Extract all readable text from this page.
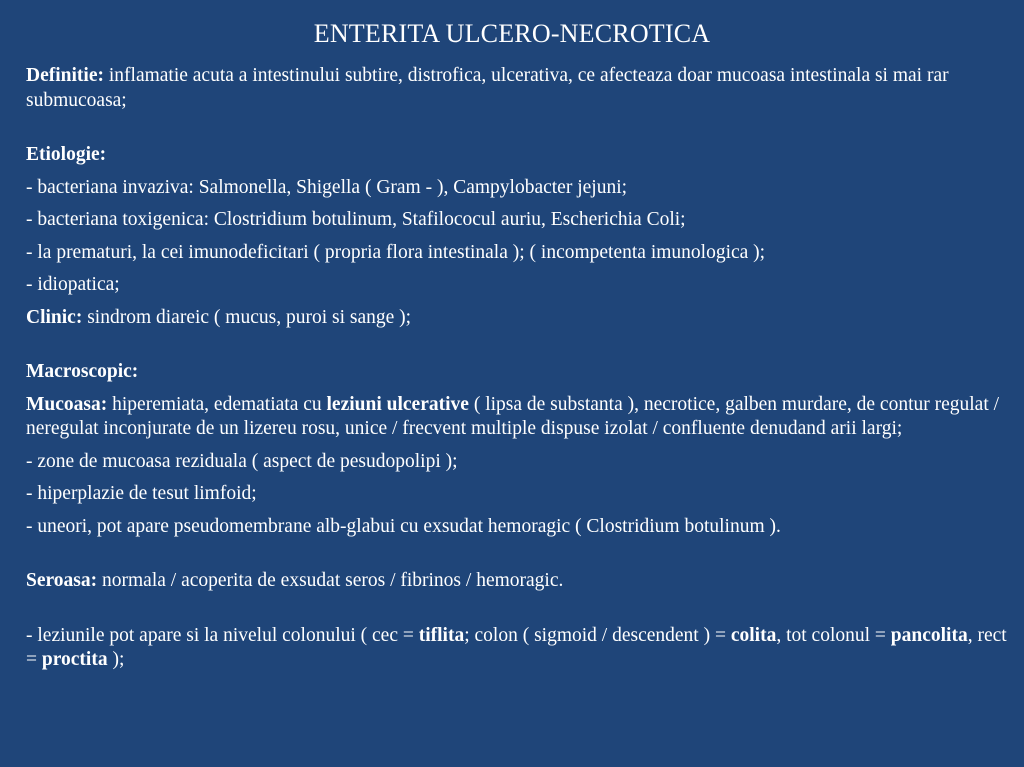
ENTERITA ULCERO-NECROTICA

Definitie: inflamatie acuta a intestinului subtire, distrofica, ulcerativa, ce afecteaza doar mucoasa intestinala si mai rar submucoasa;

Etiologie:

- bacteriana invaziva: Salmonella, Shigella ( Gram - ), Campylobacter jejuni;

- bacteriana toxigenica: Clostridium botulinum, Stafilococul auriu, Escherichia Coli;

- la prematuri, la cei imunodeficitari ( propria flora intestinala ); ( incompetenta imunologica );

- idiopatica;

Clinic: sindrom diareic ( mucus, puroi si sange );

Macroscopic:

Mucoasa: hiperemiata, edematiata cu leziuni ulcerative ( lipsa de substanta ), necrotice, galben murdare, de contur regulat / neregulat inconjurate de un lizereu rosu, unice / frecvent multiple dispuse izolat / confluente denudand arii largi;

- zone de mucoasa reziduala ( aspect de pesudopolipi );

- hiperplazie de tesut limfoid;

- uneori, pot apare pseudomembrane alb-glabui cu exsudat hemoragic ( Clostridium botulinum ).

Seroasa: normala / acoperita de exsudat seros / fibrinos / hemoragic.

- leziunile pot apare si la nivelul colonului ( cec = tiflita; colon ( sigmoid / descendent ) = colita, tot colonul = pancolita, rect = proctita );
